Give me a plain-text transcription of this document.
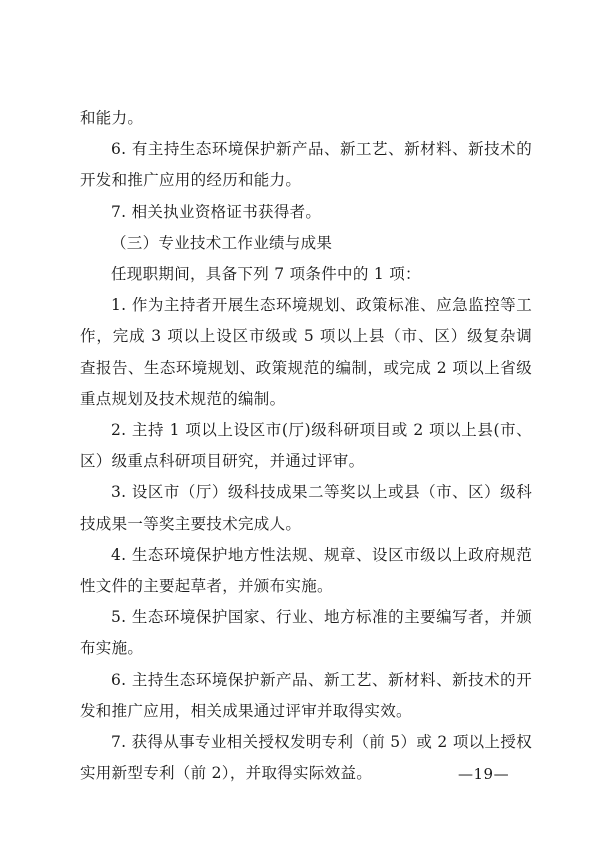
和能力。

6. 有主持生态环境保护新产品、新工艺、新材料、新技术的开发和推广应用的经历和能力。

7. 相关执业资格证书获得者。

（三）专业技术工作业绩与成果

任现职期间，具备下列 7 项条件中的 1 项：

1. 作为主持者开展生态环境规划、政策标准、应急监控等工作，完成 3 项以上设区市级或 5 项以上县（市、区）级复杂调查报告、生态环境规划、政策规范的编制，或完成 2 项以上省级重点规划及技术规范的编制。

2. 主持 1 项以上设区市(厅)级科研项目或 2 项以上县(市、区）级重点科研项目研究，并通过评审。

3. 设区市（厅）级科技成果二等奖以上或县（市、区）级科技成果一等奖主要技术完成人。

4. 生态环境保护地方性法规、规章、设区市级以上政府规范性文件的主要起草者，并颁布实施。

5. 生态环境保护国家、行业、地方标准的主要编写者，并颁布实施。

6. 主持生态环境保护新产品、新工艺、新材料、新技术的开发和推广应用，相关成果通过评审并取得实效。

7. 获得从事专业相关授权发明专利（前 5）或 2 项以上授权实用新型专利（前 2），并取得实际效益。	—19—
